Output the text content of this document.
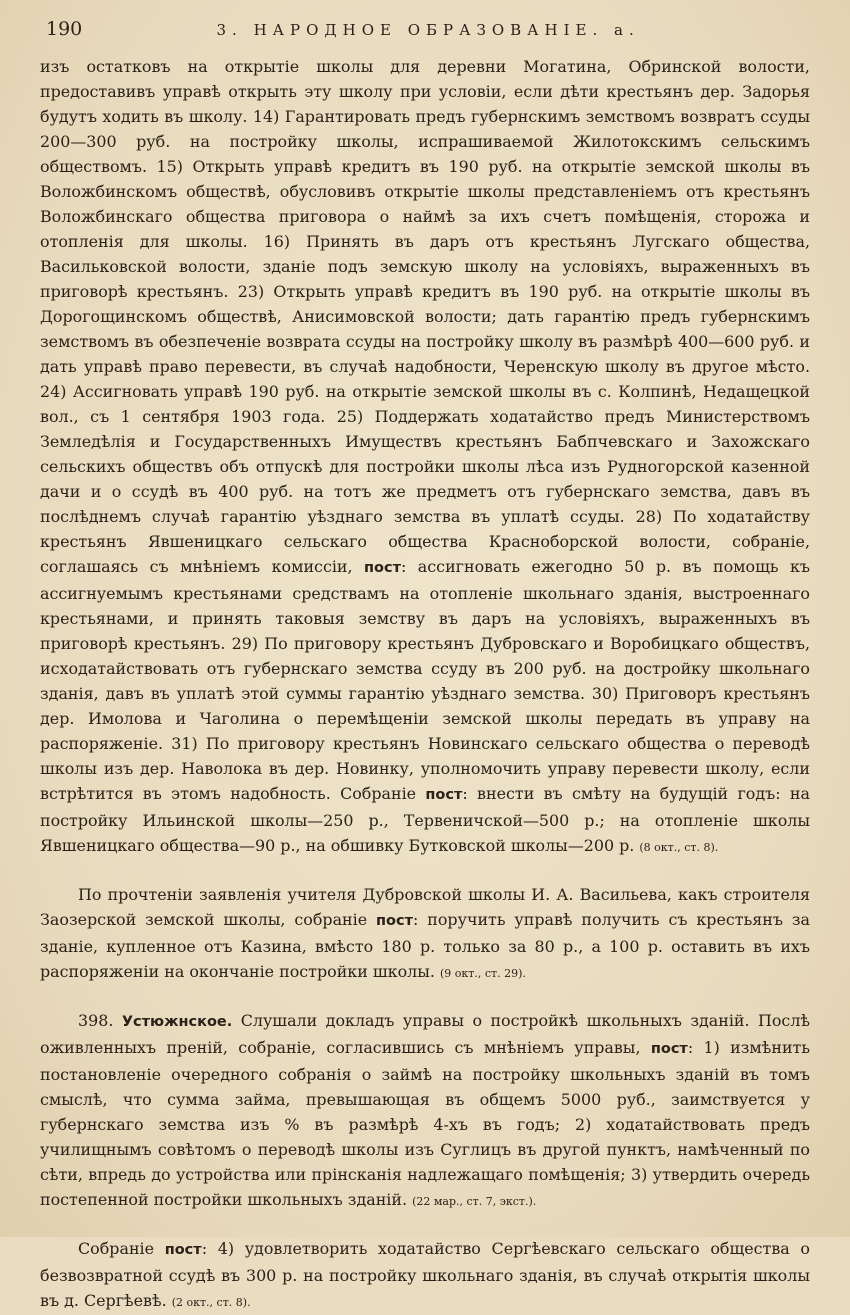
190	3. НАРОДНОЕ ОБРАЗОВАНІЕ. а.

изъ остатковъ на открытіе школы для деревни Могатина, Обринской волости, предоставивъ управѣ открыть эту школу при условіи, если дѣти крестьянъ дер. Задорья будутъ ходить въ школу. 14) Гарантировать предъ губернскимъ земствомъ возвратъ ссуды 200—300 руб. на постройку школы, испрашиваемой Жилотокскимъ сельскимъ обществомъ. 15) Открыть управѣ кредитъ въ 190 руб. на открытіе земской школы въ Воложбинскомъ обществѣ, обусловивъ открытіе школы представленіемъ отъ крестьянъ Воложбинскаго общества приговора о наймѣ за ихъ счетъ помѣщенія, сторожа и отопленія для школы. 16) Принять въ даръ отъ крестьянъ Лугскаго общества, Васильковской волости, зданіе подъ земскую школу на условіяхъ, выраженныхъ въ приговорѣ крестьянъ. 23) Открыть управѣ кредитъ въ 190 руб. на открытіе школы въ Дорогощинскомъ обществѣ, Анисимовской волости; дать гарантію предъ губернскимъ земствомъ въ обезпеченіе возврата ссуды на постройку школу въ размѣрѣ 400—600 руб. и дать управѣ право перевести, въ случаѣ надобности, Черенскую школу въ другое мѣсто. 24) Ассигновать управѣ 190 руб. на открытіе земской школы въ с. Колпинѣ, Недащецкой вол., съ 1 сентября 1903 года. 25) Поддержать ходатайство предъ Министерствомъ Земледѣлія и Государственныхъ Имуществъ крестьянъ Бабпчевскаго и Захожскаго сельскихъ обществъ объ отпускѣ для постройки школы лѣса изъ Рудногорской казенной дачи и о ссудѣ въ 400 руб. на тотъ же предметъ отъ губернскаго земства, давъ въ послѣднемъ случаѣ гарантію уѣзднаго земства въ уплатѣ ссуды. 28) По ходатайству крестьянъ Явшеницкаго сельскаго общества Красноборской волости, собраніе, соглашаясь съ мнѣніемъ комиссіи, пост: ассигновать ежегодно 50 р. въ помощь къ ассигнуемымъ крестьянами средствамъ на отопленіе школьнаго зданія, выстроеннаго крестьянами, и принять таковыя земству въ даръ на условіяхъ, выраженныхъ въ приговорѣ крестьянъ. 29) По приговору крестьянъ Дубровскаго и Воробицкаго обществъ, исходатайствовать отъ губернскаго земства ссуду въ 200 руб. на достройку школьнаго зданія, давъ въ уплатѣ этой суммы гарантію уѣзднаго земства. 30) Приговоръ крестьянъ дер. Имолова и Чаголина о перемѣщеніи земской школы передать въ управу на распоряженіе. 31) По приговору крестьянъ Новинскаго сельскаго общества о переводѣ школы изъ дер. Наволока въ дер. Новинку, уполномочить управу перевести школу, если встрѣтится въ этомъ надобность. Собраніе пост: внести въ смѣту на будущій годъ: на постройку Ильинской школы—250 р., Тервеничской—500 р.; на отопленіе школы Явшеницкаго общества—90 р., на обшивку Бутковской школы—200 р. (8 окт., ст. 8).

По прочтеніи заявленія учителя Дубровской школы И. А. Васильева, какъ строителя Заозерской земской школы, собраніе пост: поручить управѣ получить съ крестьянъ за зданіе, купленное отъ Казина, вмѣсто 180 р. только за 80 р., а 100 р. оставить въ ихъ распоряженіи на окончаніе постройки школы. (9 окт., ст. 29).

398. Устюжнское. Слушали докладъ управы о постройкѣ школьныхъ зданій. Послѣ оживленныхъ преній, собраніе, согласившись съ мнѣніемъ управы, пост: 1) измѣнить постановленіе очередного собранія о займѣ на постройку школьныхъ зданій въ томъ смыслѣ, что сумма займа, превышающая въ общемъ 5000 руб., заимствуется у губернскаго земства изъ % въ размѣрѣ 4-хъ въ годъ; 2) ходатайствовать предъ училищнымъ совѣтомъ о переводѣ школы изъ Суглицъ въ другой пунктъ, намѣченный по сѣти, впредь до устройства или прінсканія надлежащаго помѣщенія; 3) утвердить очередь постепенной постройки школьныхъ зданій. (22 мар., ст. 7, экст.).

Собраніе пост: 4) удовлетворить ходатайство Сергѣевскаго сельскаго общества о безвозвратной ссудѣ въ 300 р. на постройку школьнаго зданія, въ случаѣ открытія школы въ д. Сергѣевѣ. (2 окт., ст. 8).
